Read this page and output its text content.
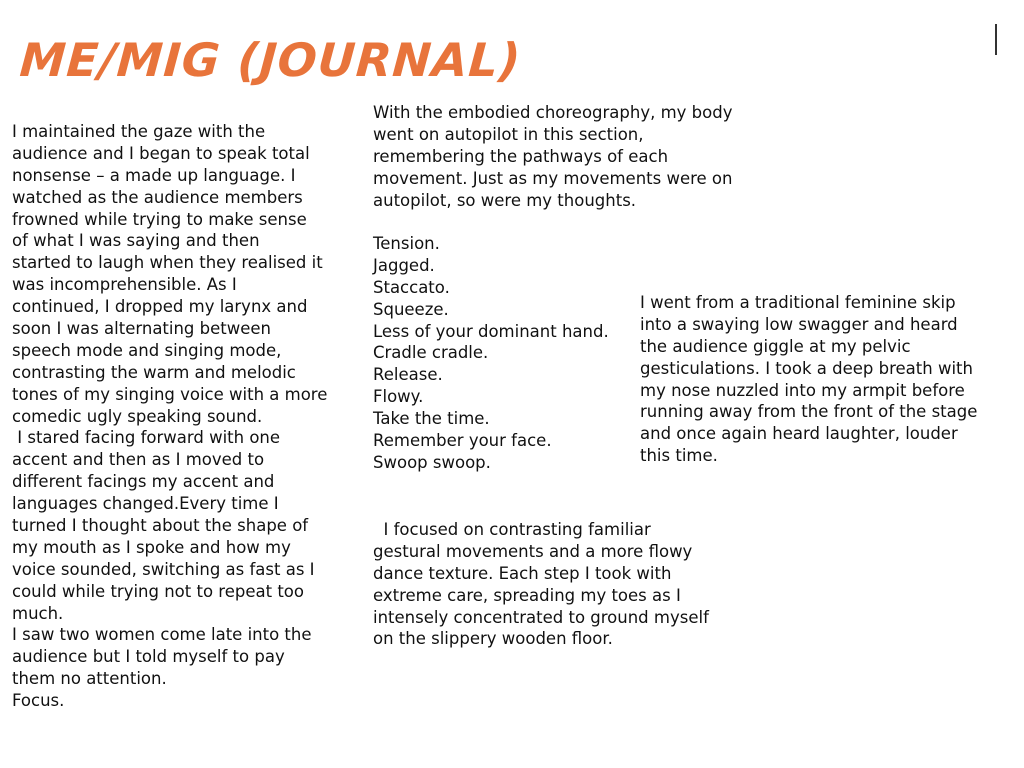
ME/MIG (JOURNAL)
I maintained the gaze with the
audience and I began to speak total
nonsense – a made up language. I
watched as the audience members
frowned while trying to make sense
of what I was saying and then
started to laugh when they realised it
was incomprehensible. As I
continued, I dropped my larynx and
soon I was alternating between
speech mode and singing mode,
contrasting the warm and melodic
tones of my singing voice with a more
comedic ugly speaking sound.
I stared facing forward with one
accent and then as I moved to
different facings my accent and
languages changed.Every time I
turned I thought about the shape of
my mouth as I spoke and how my
voice sounded, switching as fast as I
could while trying not to repeat too
much.
I saw two women come late into the
audience but I told myself to pay
them no attention.
Focus.
With the embodied choreography, my body
went on autopilot in this section,
remembering the pathways of each
movement. Just as my movements were on
autopilot, so were my thoughts.
Tension.
Jagged.
Staccato.
Squeeze.
Less of your dominant hand.
Cradle cradle.
Release.
Flowy.
Take the time.
Remember your face.
Swoop swoop.
I went from a traditional feminine skip
into a swaying low swagger and heard
the audience giggle at my pelvic
gesticulations. I took a deep breath with
my nose nuzzled into my armpit before
running away from the front of the stage
and once again heard laughter, louder
this time.
I focused on contrasting familiar
gestural movements and a more flowy
dance texture. Each step I took with
extreme care, spreading my toes as I
intensely concentrated to ground myself
on the slippery wooden floor.
